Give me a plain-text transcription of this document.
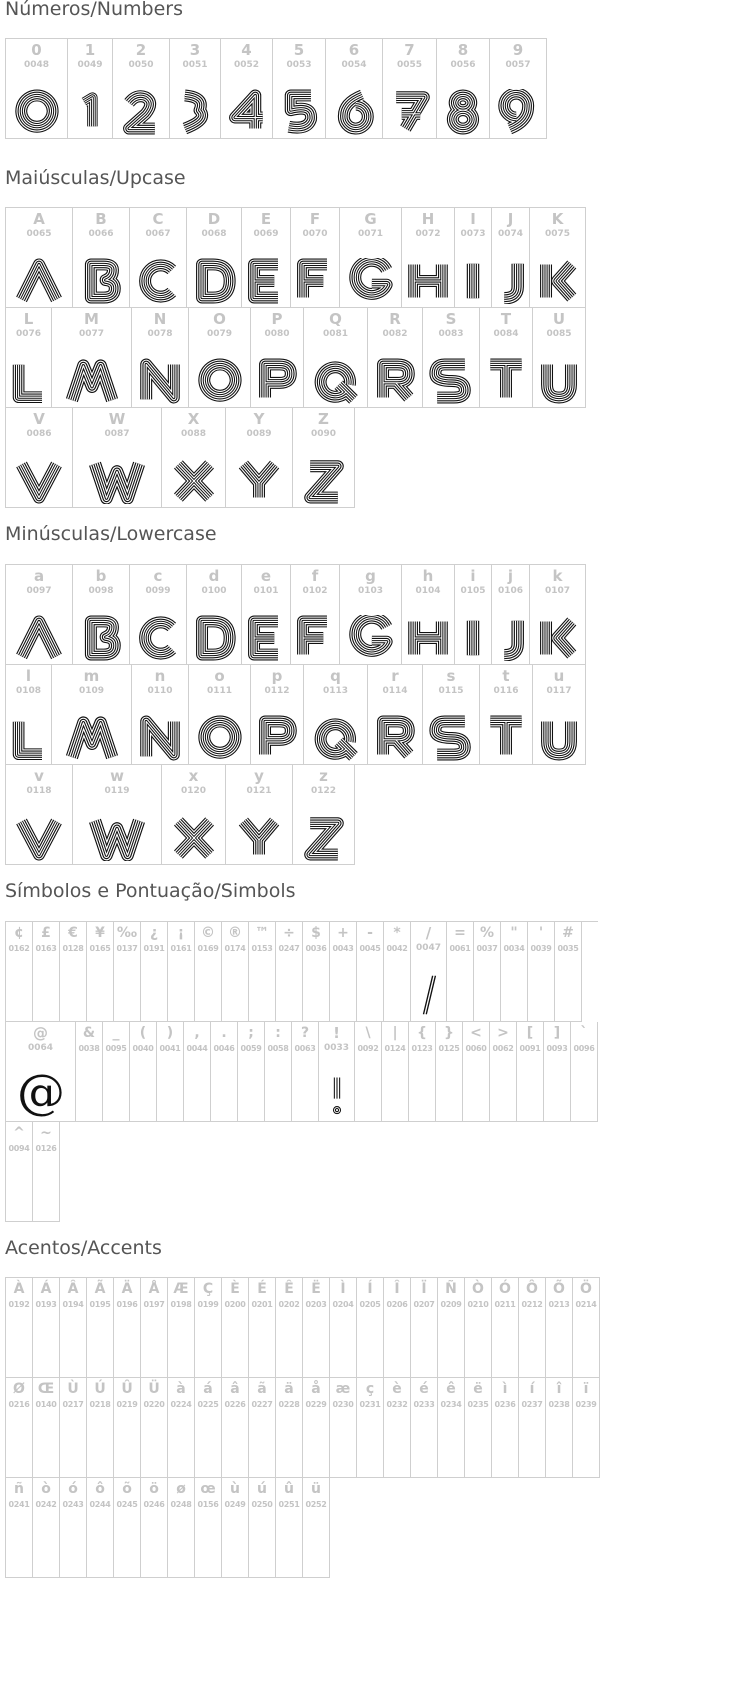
Números/Numbers
0
0048
1
0049
2
0050
3
0051
4
0052
5
0053
6
0054
7
0055
8
0056
9
0057
Maiúsculas/Upcase
A
0065
B
0066
C
0067
D
0068
E
0069
F
0070
G
0071
H
0072
I
0073
J
0074
K
0075
L
0076
M
0077
N
0078
O
0079
P
0080
Q
0081
R
0082
S
0083
T
0084
U
0085
V
0086
W
0087
X
0088
Y
0089
Z
0090
Minúsculas/Lowercase
a
0097
b
0098
c
0099
d
0100
e
0101
f
0102
g
0103
h
0104
i
0105
j
0106
k
0107
l
0108
m
0109
n
0110
o
0111
p
0112
q
0113
r
0114
s
0115
t
0116
u
0117
v
0118
w
0119
x
0120
y
0121
z
0122
Símbolos e Pontuação/Simbols
¢
0162
£
0163
€
0128
¥
0165
‰
0137
¿
0191
¡
0161
©
0169
®
0174
™
0153
÷
0247
$
0036
+
0043
-
0045
*
0042
/
0047
=
0061
%
0037
"
0034
'
0039
#
0035
@
0064
@
&
0038
_
0095
(
0040
)
0041
,
0044
.
0046
;
0059
:
0058
?
0063
!
0033
\
0092
|
0124
{
0123
}
0125
<
0060
>
0062
[
0091
]
0093
`
0096
^
0094
~
0126
Acentos/Accents
À
0192
Á
0193
Â
0194
Ã
0195
Ä
0196
Å
0197
Æ
0198
Ç
0199
È
0200
É
0201
Ê
0202
Ë
0203
Ì
0204
Í
0205
Î
0206
Ï
0207
Ñ
0209
Ò
0210
Ó
0211
Ô
0212
Õ
0213
Ö
0214
Ø
0216
Œ
0140
Ù
0217
Ú
0218
Û
0219
Ü
0220
à
0224
á
0225
â
0226
ã
0227
ä
0228
å
0229
æ
0230
ç
0231
è
0232
é
0233
ê
0234
ë
0235
ì
0236
í
0237
î
0238
ï
0239
ñ
0241
ò
0242
ó
0243
ô
0244
õ
0245
ö
0246
ø
0248
œ
0156
ù
0249
ú
0250
û
0251
ü
0252
